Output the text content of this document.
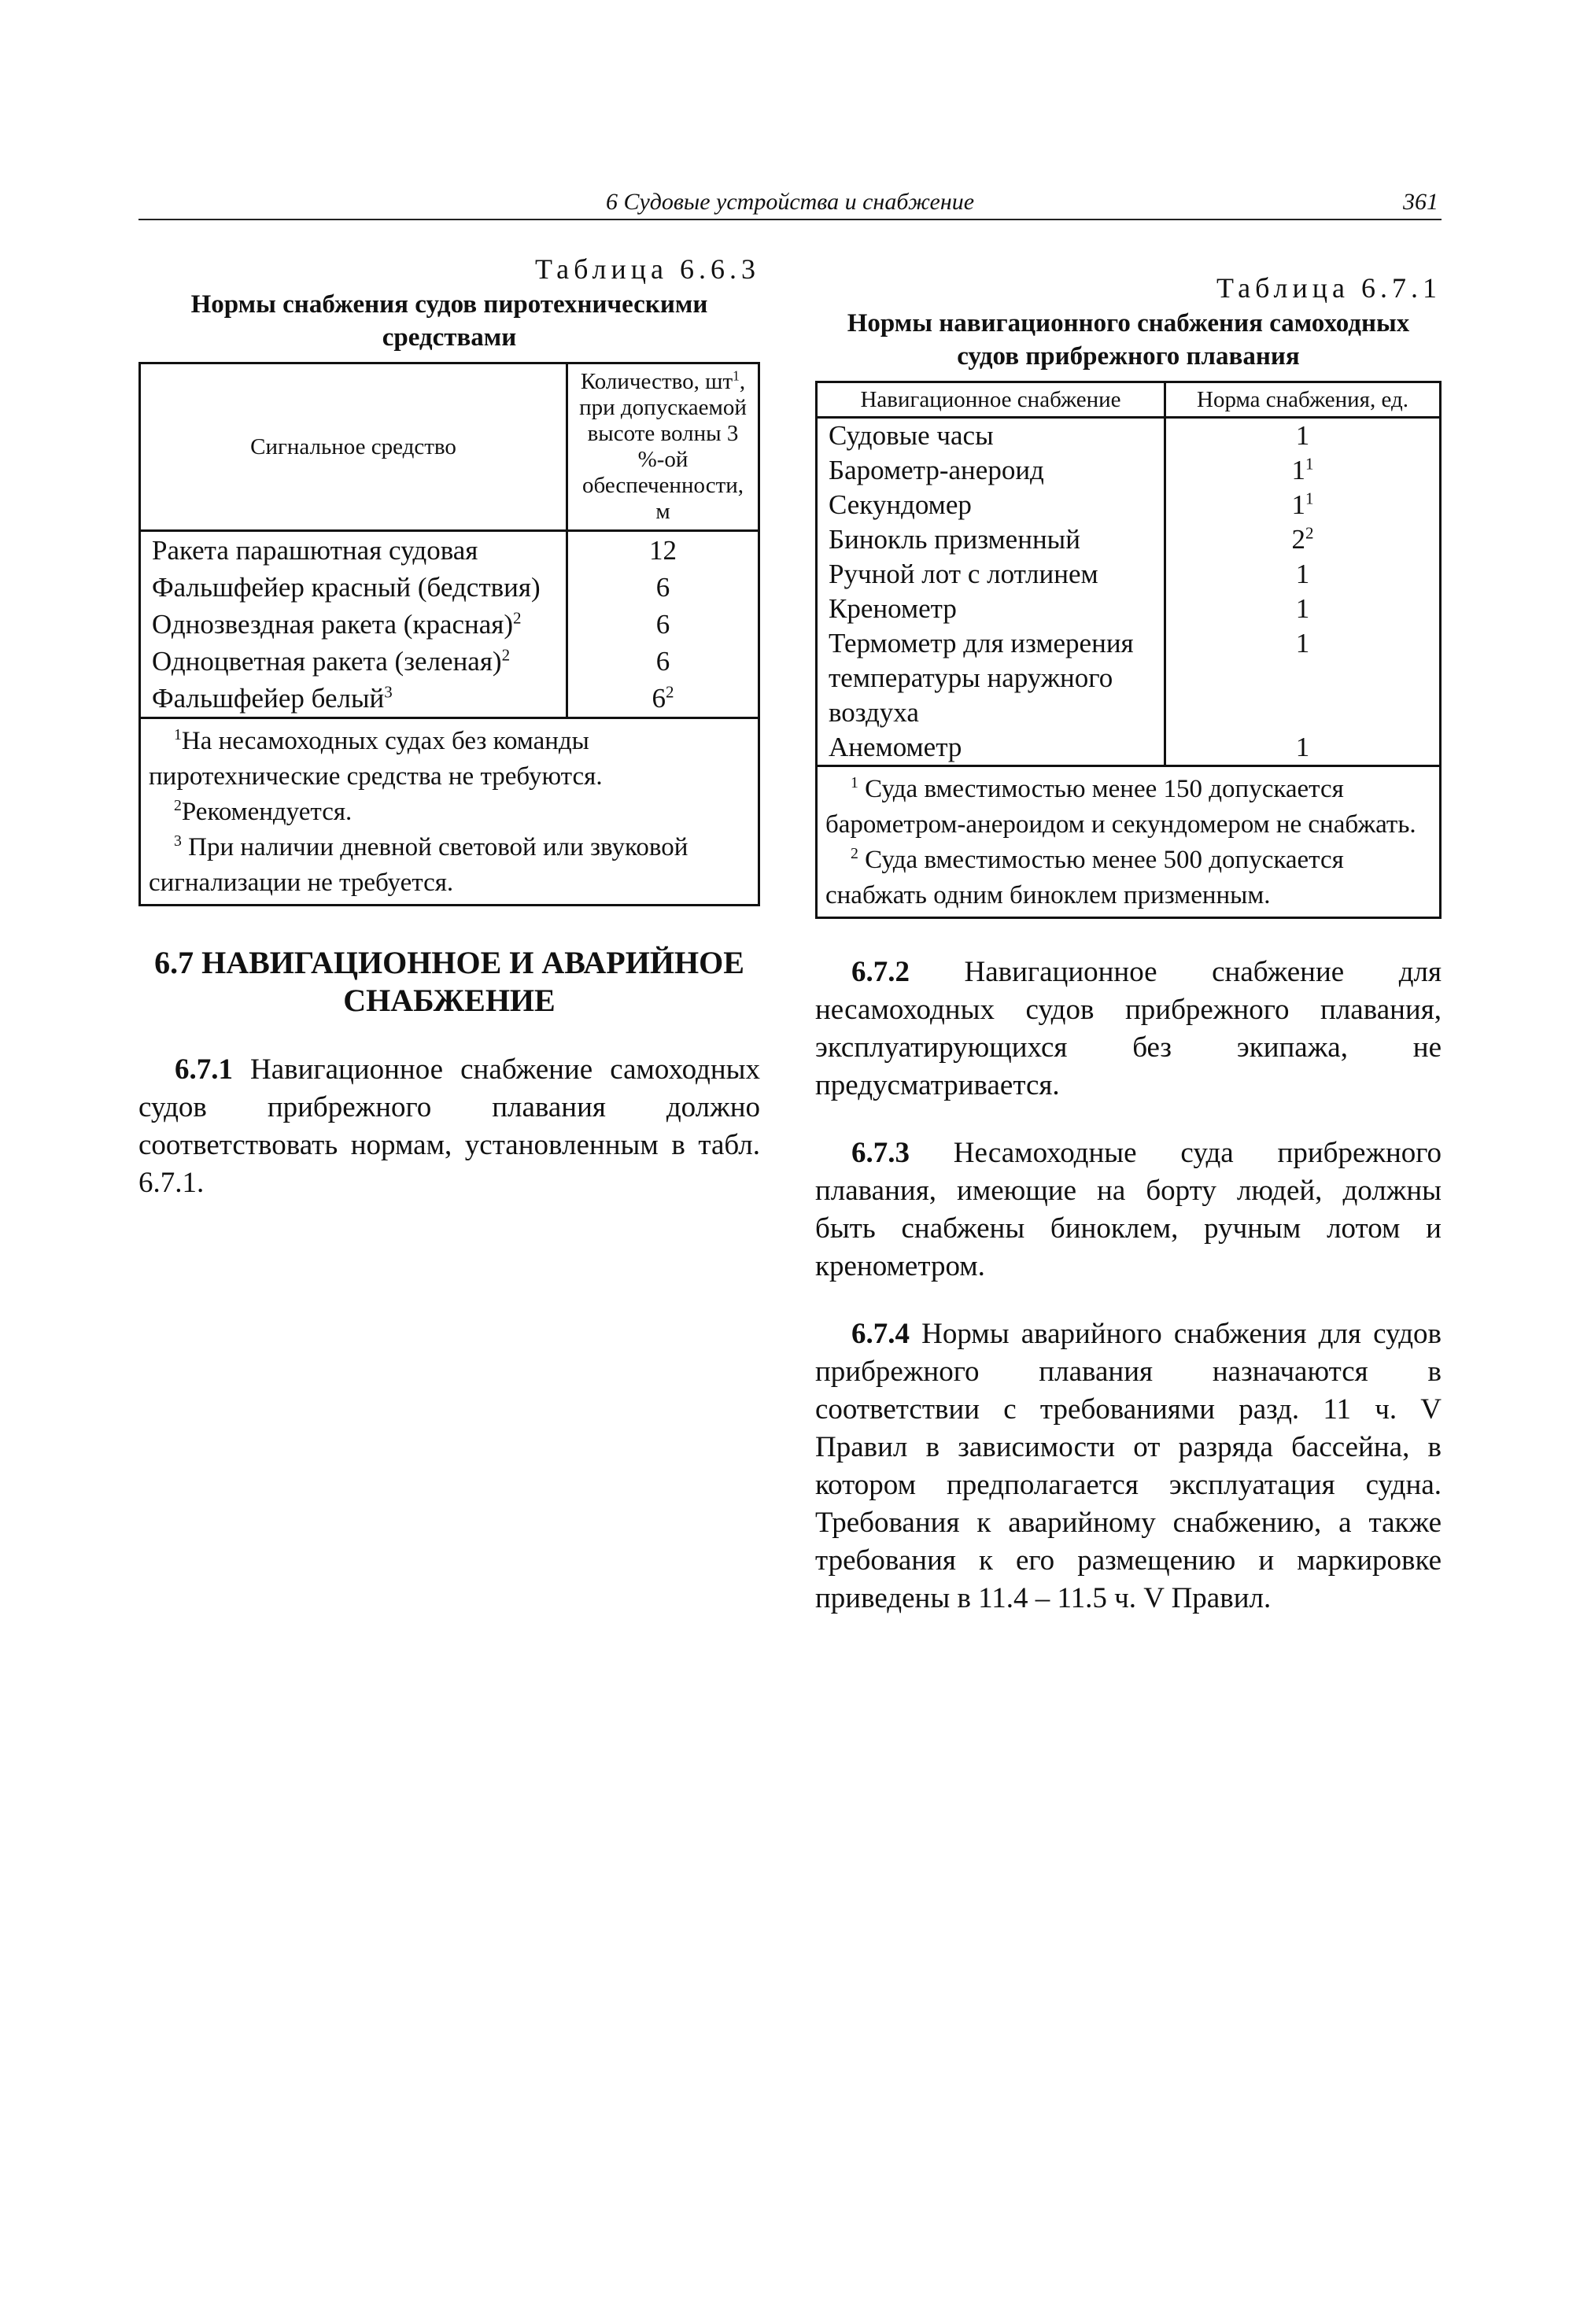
6 Судовые устройства и снабжение	361
Таблица 6.6.3
Нормы снабжения судов пиротехническими средствами
Сигнальное средство	Количество, $шт^1$, при допускаемой высоте волны 3 %-ой обеспеченности, м
Ракета парашютная судовая	12
Фальшфейер красный (бедствия)	6
Однозвездная ракета (красная)$^2$	6
Одноцветная ракета (зеленая)$^2$	6
Фальшфейер белый$^3$	$6^2$

$^1$На несамоходных судах без команды пиротехнические средства не требуются.

$^2$Рекомендуется.

$^3$ При наличии дневной световой или звуковой сигнализации не требуется.	

6.7 НАВИГАЦИОННОЕ И АВАРИЙНОЕ СНАБЖЕНИЕ

6.7.1 Навигационное снабжение самоходных судов прибрежного плавания должно соответствовать нормам, установленным в табл. 6.7.1.

Таблица 6.7.1
Нормы навигационного снабжения самоходных судов прибрежного плавания
Навигационное снабжение	Норма снабжения, ед.
Судовые часы	1
Барометр-анероид	$1^1$
Секундомер	$1^1$
Бинокль призменный	$2^2$
Ручной лот с лотлинем	1
Кренометр	1
Термометр для измерения температуры наружного воздуха	1
Анемометр	1

$^1$ Суда вместимостью менее 150 допускается барометром-анероидом и секундомером не снабжать.

$^2$ Суда вместимостью менее 500 допускается снабжать одним биноклем призменным.	

6.7.2 Навигационное снабжение для несамоходных судов прибрежного плавания, эксплуатирующихся без экипажа, не предусматривается.

6.7.3 Несамоходные суда прибрежного плавания, имеющие на борту людей, должны быть снабжены биноклем, ручным лотом и кренометром.

6.7.4 Нормы аварийного снабжения для судов прибрежного плавания назначаются в соответствии с требованиями разд. 11 ч. V Правил в зависимости от разряда бассейна, в котором предполагается эксплуатация судна. Требования к аварийному снабжению, а также требования к его размещению и маркировке приведены в 11.4 – 11.5 ч. V Правил.
